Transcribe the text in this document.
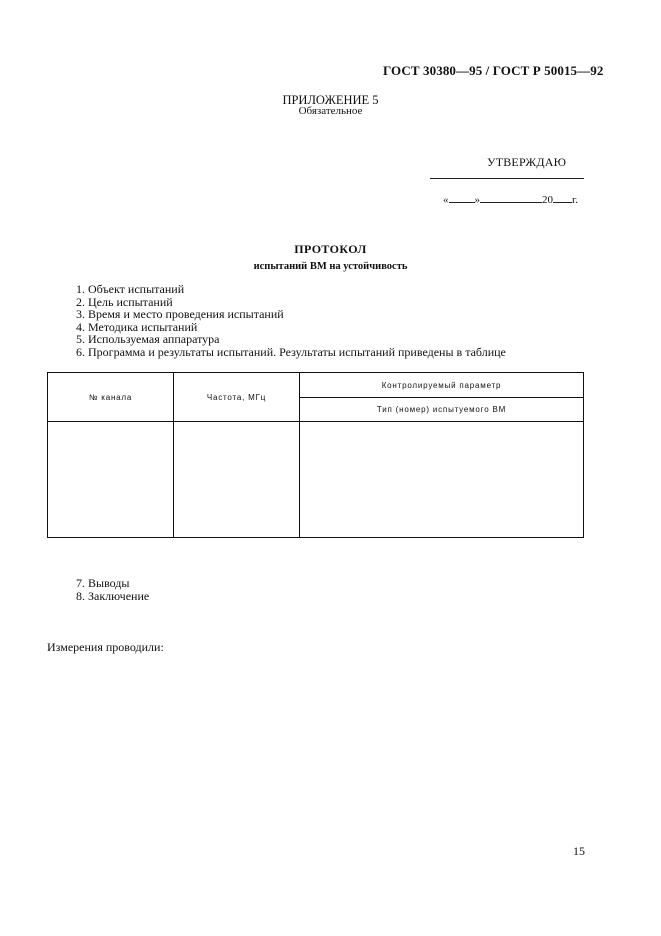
ГОСТ 30380—95 / ГОСТ Р 50015—92
ПРИЛОЖЕНИЕ 5
Обязательное
УТВЕРЖДАЮ
« »	20 г.
ПРОТОКОЛ
испытаний ВМ на устойчивость
1. Объект испытаний
2. Цель испытаний
3. Время и место проведения испытаний
4. Методика испытаний
5. Используемая аппаратура
6. Программа и результаты испытаний. Результаты испытаний приведены в таблице
№ канала	Частота, МГц	Контролируемый параметр
		Тип (номер) испытуемого ВМ

7. Выводы
8. Заключение
Измерения проводили:
15
